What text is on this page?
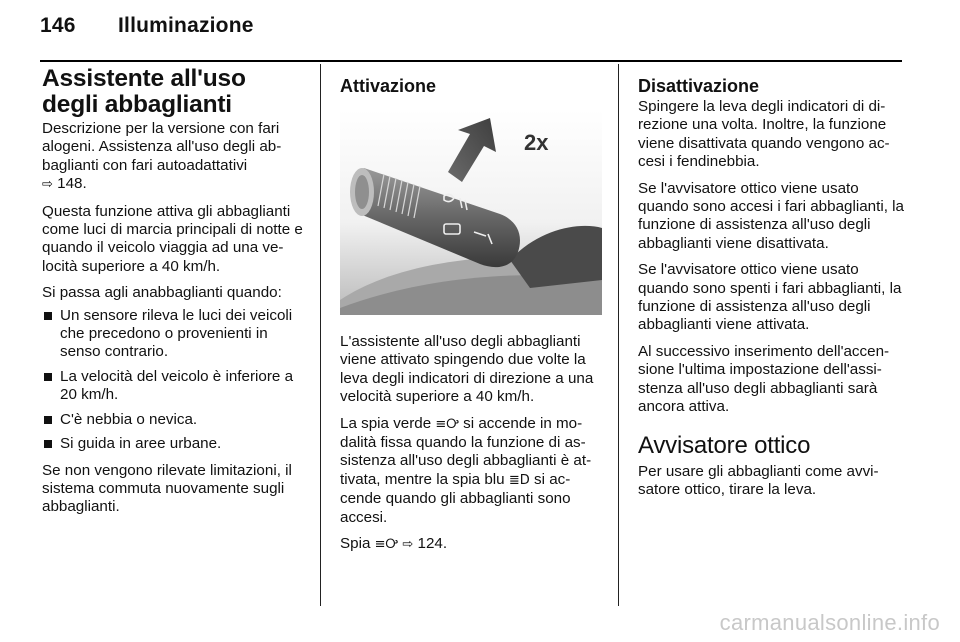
146 Illuminazione
Assistente all'uso degli abbaglianti

Descrizione per la versione con fari alogeni. Assistenza all'uso degli ab-baglianti con fari autoadattativi
⇨ 148.

Questa funzione attiva gli abbaglianti come luci di marcia principali di notte e quando il veicolo viaggia ad una ve-locità superiore a 40 km/h.

Si passa agli anabbaglianti quando:

Un sensore rileva le luci dei veicoli che precedono o provenienti in senso contrario.
La velocità del veicolo è inferiore a 20 km/h.
C'è nebbia o nevica.
Si guida in aree urbane.

Se non vengono rilevate limitazioni, il sistema commuta nuovamente sugli abbaglianti.

Attivazione
2x

L'assistente all'uso degli abbaglianti viene attivato spingendo due volte la leva degli indicatori di direzione a una velocità superiore a 40 km/h.

La spia verde ≡Ꭴ si accende in mo-dalità fissa quando la funzione di as-sistenza all'uso degli abbaglianti è at-tivata, mentre la spia blu ≣D si ac-cende quando gli abbaglianti sono accesi.

Spia ≡Ꭴ ⇨ 124.

Disattivazione

Spingere la leva degli indicatori di di-rezione una volta. Inoltre, la funzione viene disattivata quando vengono ac-cesi i fendinebbia.

Se l'avvisatore ottico viene usato quando sono accesi i fari abbaglianti, la funzione di assistenza all'uso degli abbaglianti viene disattivata.

Se l'avvisatore ottico viene usato quando sono spenti i fari abbaglianti, la funzione di assistenza all'uso degli abbaglianti viene attivata.

Al successivo inserimento dell'accen-sione l'ultima impostazione dell'assi-stenza all'uso degli abbaglianti sarà ancora attiva.

Avvisatore ottico

Per usare gli abbaglianti come avvi-satore ottico, tirare la leva.

carmanualsonline.info
